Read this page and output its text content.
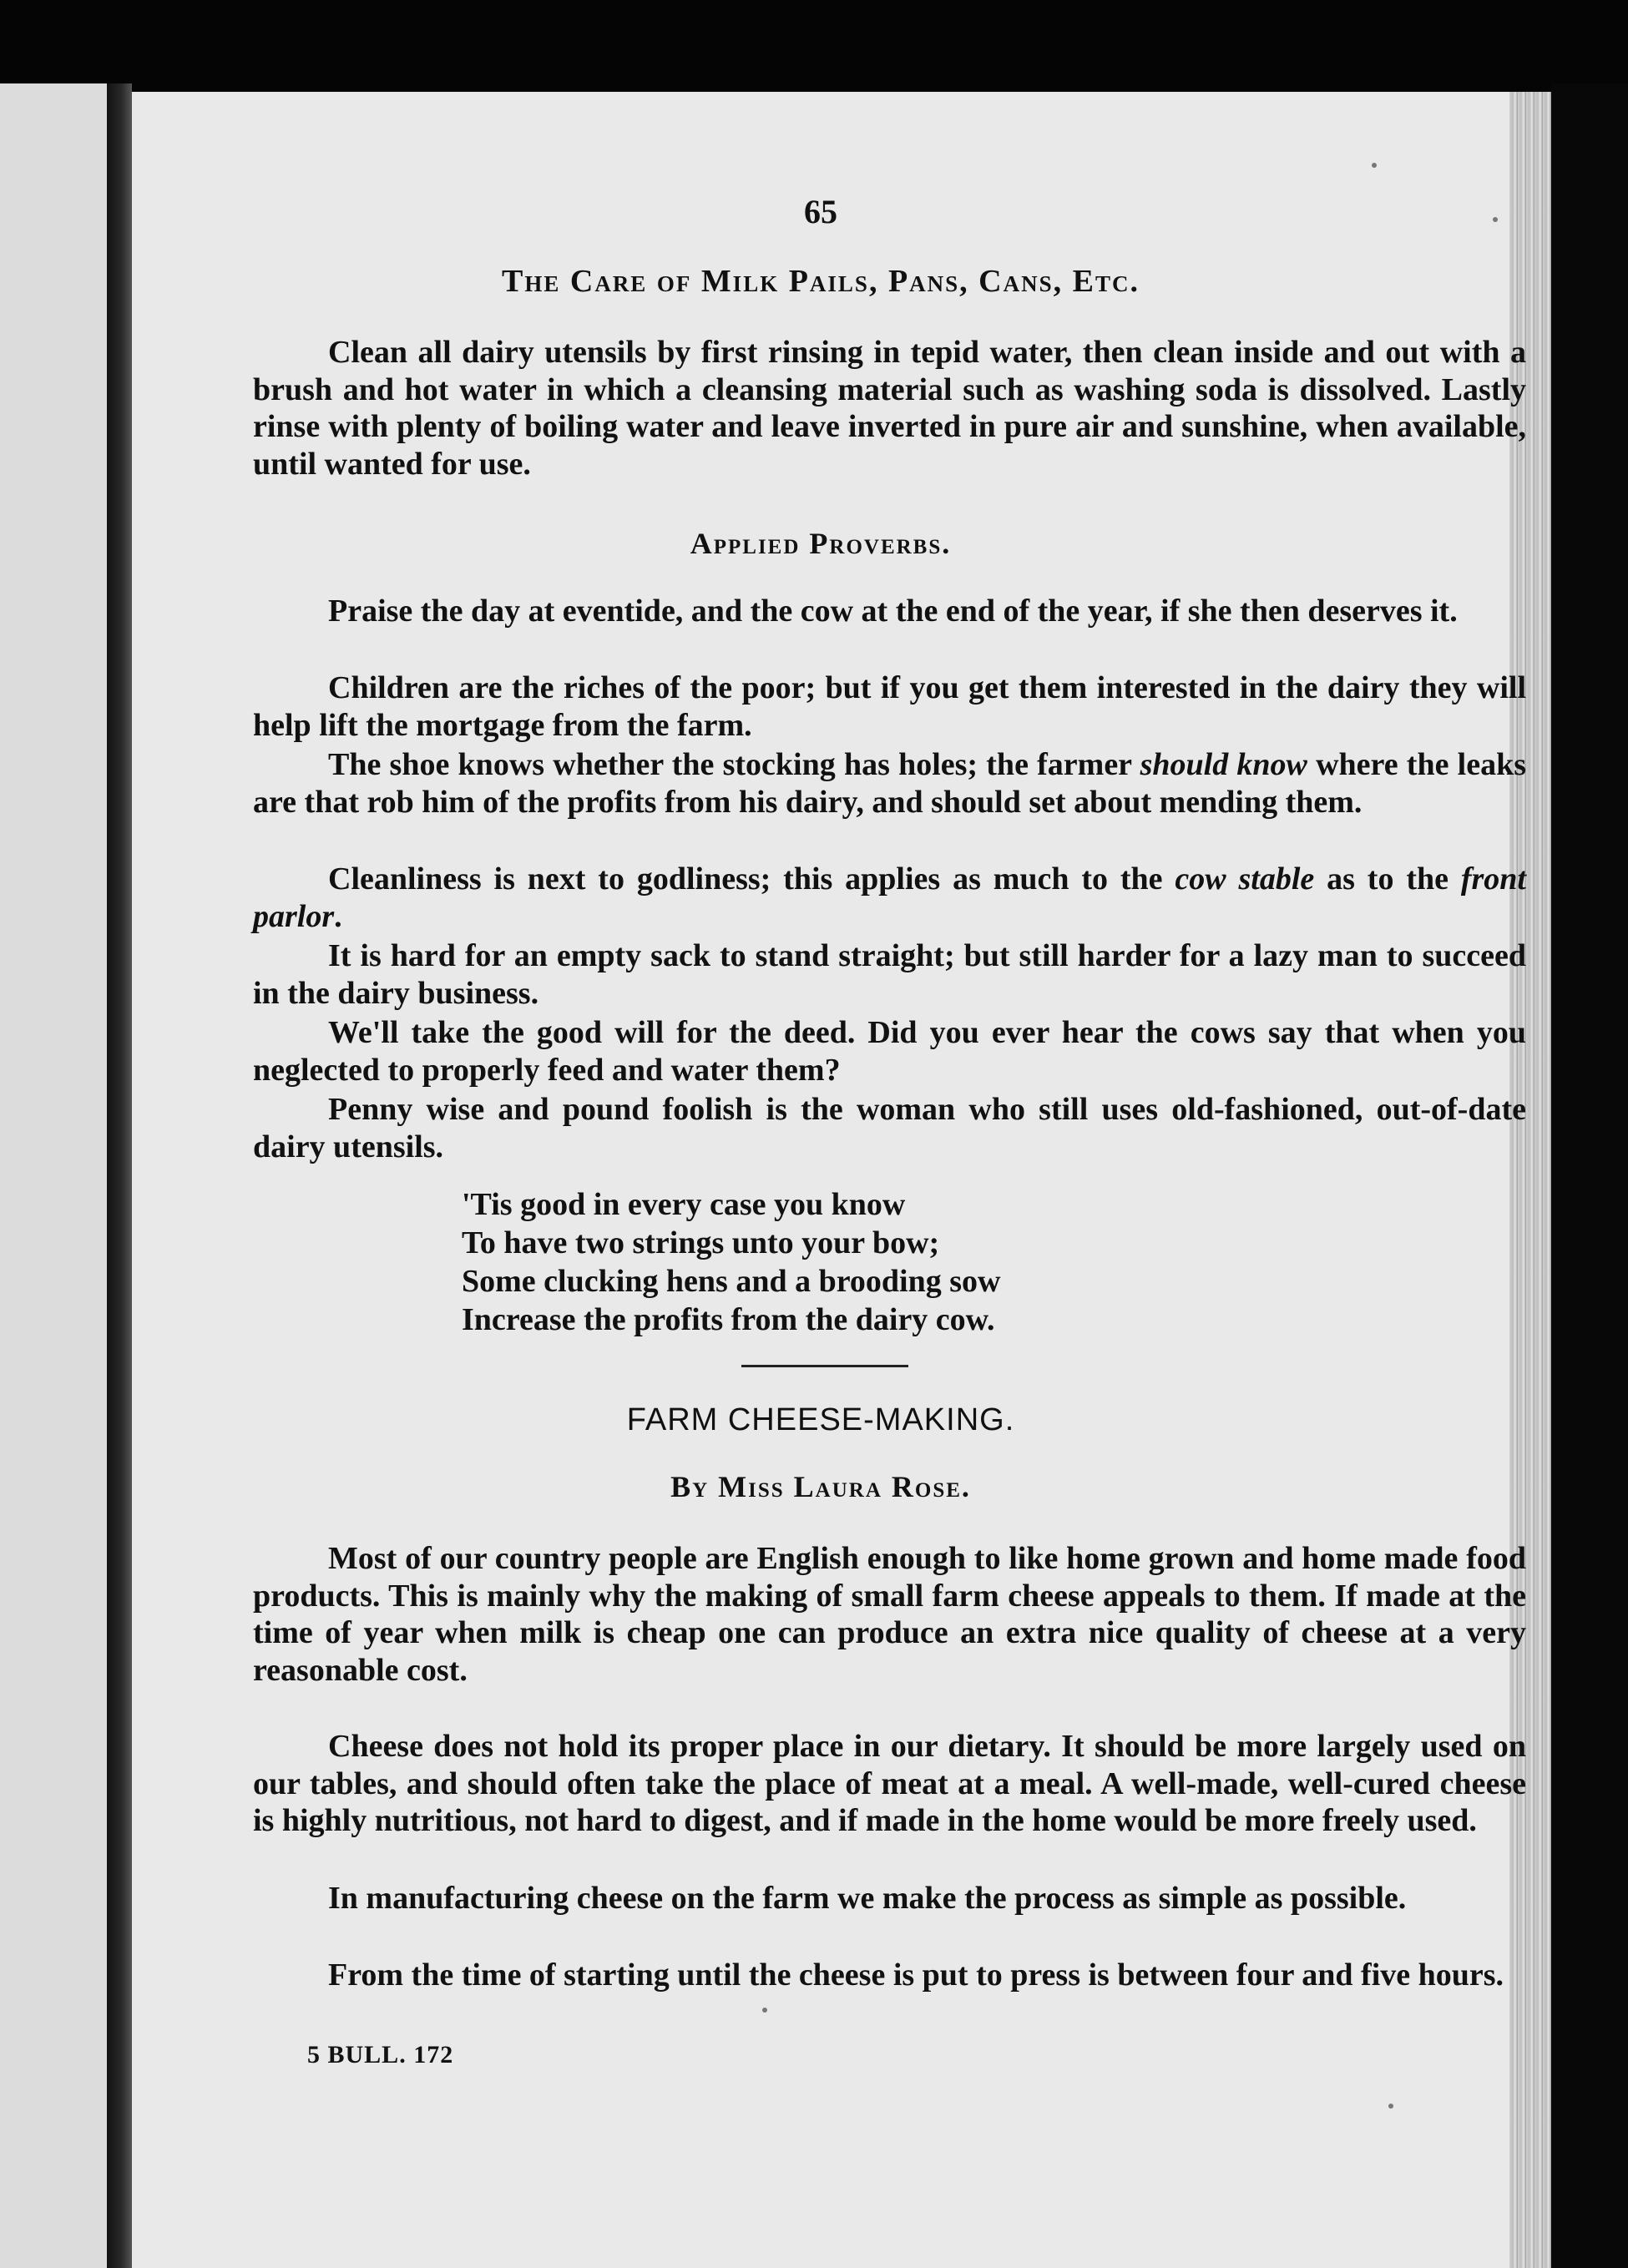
65
The Care of Milk Pails, Pans, Cans, Etc.
Clean all dairy utensils by first rinsing in tepid water, then clean inside and out with a brush and hot water in which a cleansing material such as washing soda is dissolved. Lastly rinse with plenty of boiling water and leave inverted in pure air and sunshine, when available, until wanted for use.
Applied Proverbs.
Praise the day at eventide, and the cow at the end of the year, if she then deserves it.
Children are the riches of the poor; but if you get them interested in the dairy they will help lift the mortgage from the farm.
The shoe knows whether the stocking has holes; the farmer should know where the leaks are that rob him of the profits from his dairy, and should set about mending them.
Cleanliness is next to godliness; this applies as much to the cow stable as to the front parlor.
It is hard for an empty sack to stand straight; but still harder for a lazy man to succeed in the dairy business.
We'll take the good will for the deed. Did you ever hear the cows say that when you neglected to properly feed and water them?
Penny wise and pound foolish is the woman who still uses old-fashioned, out-of-date dairy utensils.
'Tis good in every case you know
To have two strings unto your bow;
Some clucking hens and a brooding sow
Increase the profits from the dairy cow.
FARM CHEESE-MAKING.
By Miss Laura Rose.
Most of our country people are English enough to like home grown and home made food products. This is mainly why the making of small farm cheese appeals to them. If made at the time of year when milk is cheap one can produce an extra nice quality of cheese at a very reasonable cost.
Cheese does not hold its proper place in our dietary. It should be more largely used on our tables, and should often take the place of meat at a meal. A well-made, well-cured cheese is highly nutritious, not hard to digest, and if made in the home would be more freely used.
In manufacturing cheese on the farm we make the process as simple as possible.
From the time of starting until the cheese is put to press is between four and five hours.
5 BULL. 172
